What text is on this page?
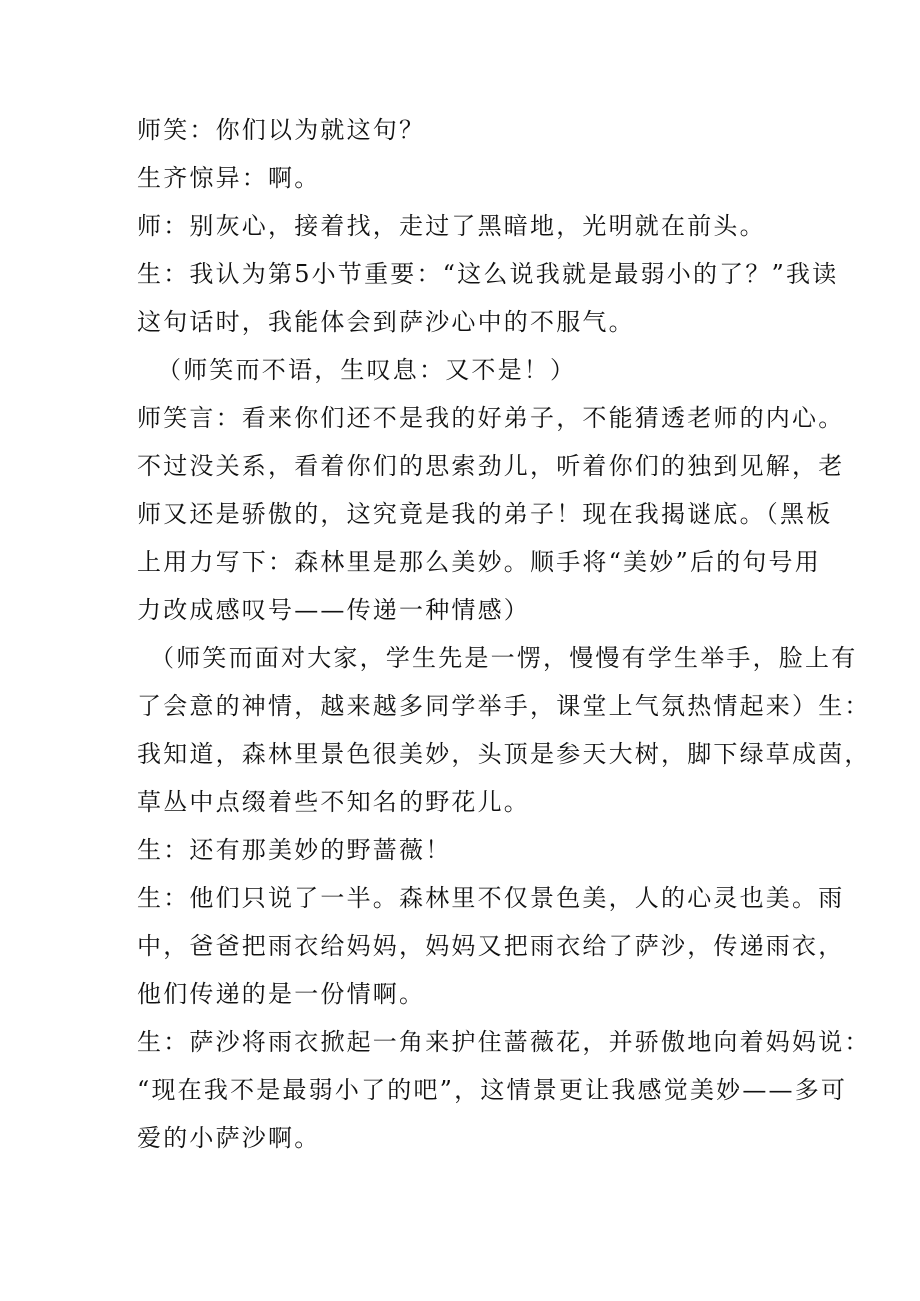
师笑：你们以为就这句？
生齐惊异：啊。
师：别灰心，接着找，走过了黑暗地，光明就在前头。
生：我认为第5小节重要：“这么说我就是最弱小的了？”我读
这句话时，我能体会到萨沙心中的不服气。
（师笑而不语，生叹息：又不是！）
师笑言：看来你们还不是我的好弟子，不能猜透老师的内心。
不过没关系，看着你们的思索劲儿，听着你们的独到见解，老
师又还是骄傲的，这究竟是我的弟子！现在我揭谜底。（黑板
上用力写下：森林里是那么美妙。顺手将“美妙”后的句号用
力改成感叹号——传递一种情感）
（师笑而面对大家，学生先是一愣，慢慢有学生举手，脸上有
了会意的神情，越来越多同学举手，课堂上气氛热情起来）生：
我知道，森林里景色很美妙，头顶是参天大树，脚下绿草成茵，
草丛中点缀着些不知名的野花儿。
生：还有那美妙的野蔷薇！
生：他们只说了一半。森林里不仅景色美，人的心灵也美。雨
中，爸爸把雨衣给妈妈，妈妈又把雨衣给了萨沙，传递雨衣，
他们传递的是一份情啊。
生：萨沙将雨衣掀起一角来护住蔷薇花，并骄傲地向着妈妈说：
“现在我不是最弱小了的吧”，这情景更让我感觉美妙——多可
爱的小萨沙啊。
